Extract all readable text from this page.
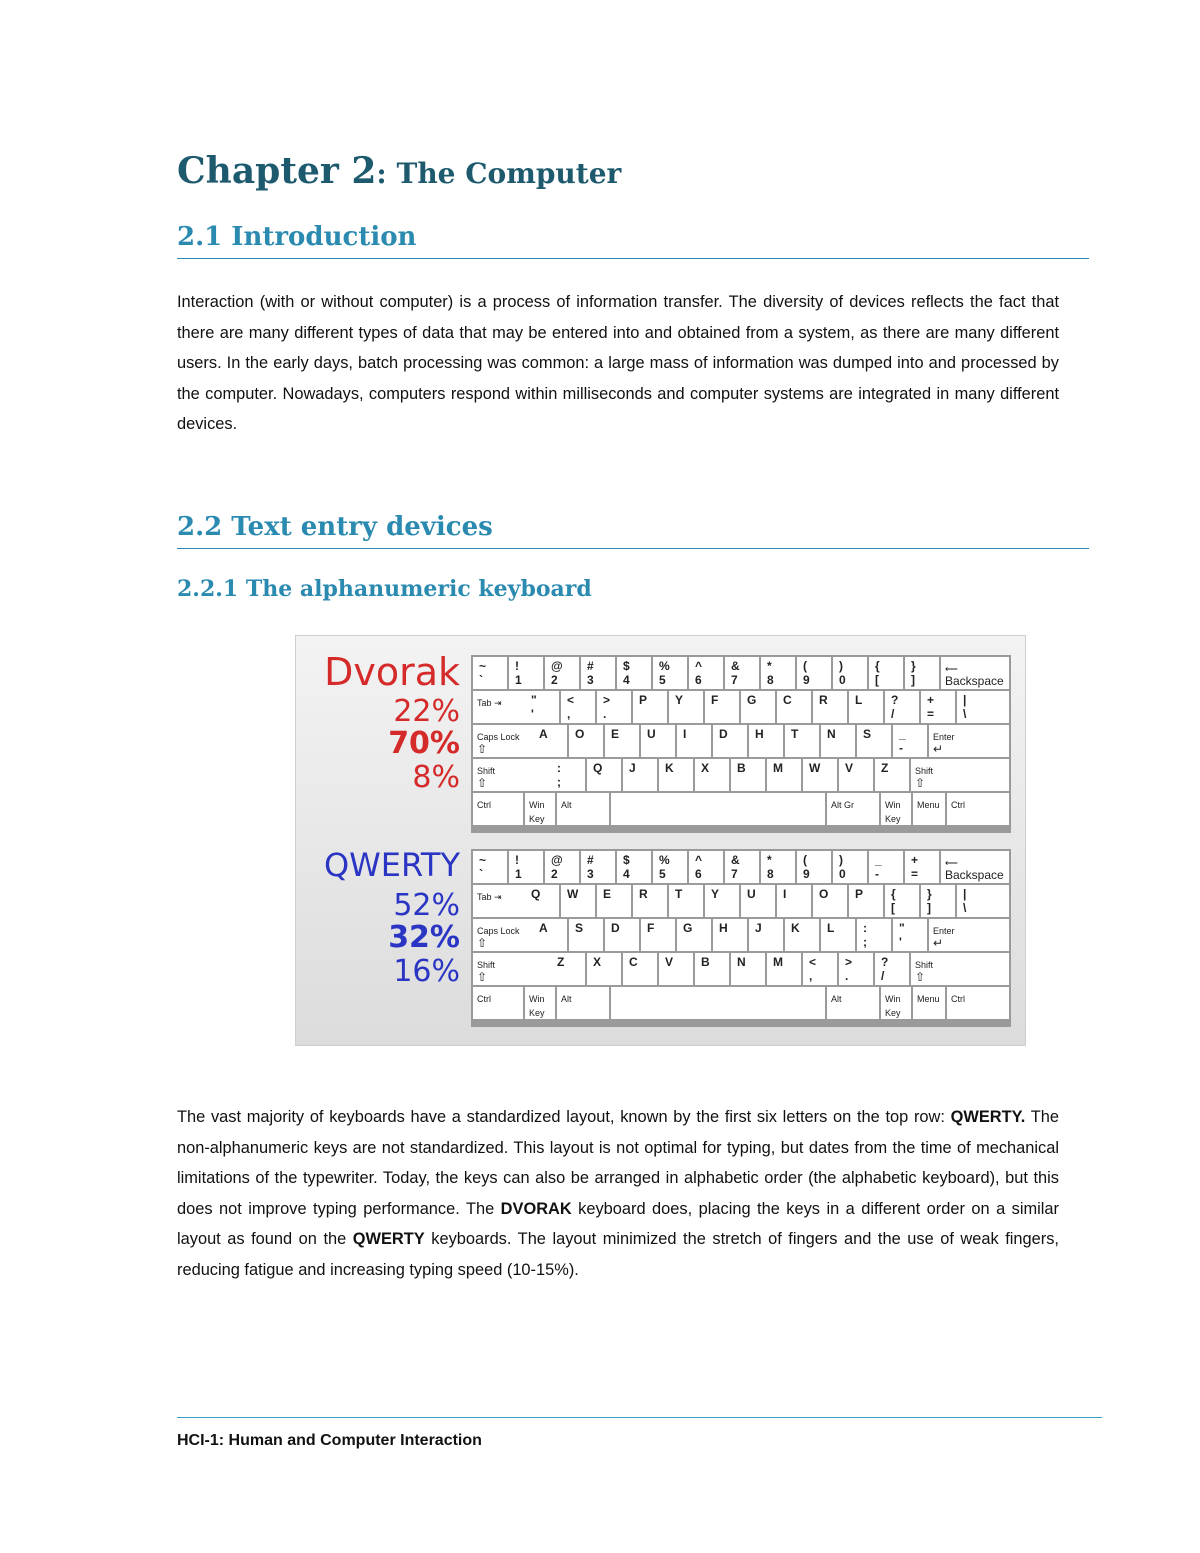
Chapter 2: The Computer
2.1 Introduction

Interaction (with or without computer) is a process of information transfer. The diversity of devices reflects the fact that there are many different types of data that may be entered into and obtained from a system, as there are many different users. In the early days, batch processing was common: a large mass of information was dumped into and processed by the computer. Nowadays, computers respond within milliseconds and computer systems are integrated in many different devices.

2.2 Text entry devices
2.2.1 The alphanumeric keyboard
Dvorak
22%
70%
8%
QWERTY
52%
32%
16%
~
`
!
1
@
2
#
3
$
4
%
5
^
6
&
7
*
8
(
9
)
0
{
[
}
]
⟵
Backspace
Tab ⇥ "
'
<
,
>
.
P Y F G C R L ?
/
+
=
|
\
Caps Lock
⇧
A O E U I	D H T N S _
-
Enter
↵
Shift
⇧
:
;
Q J K X B M W V Z	Shift
⇧
Ctrl	Win Key
Alt	Alt Gr	Win Key
Menu Ctrl
~
`
!
1
@
2
#
3
$
4
%
5
^
6
&
7
*
8
(
9
)
0
_
-
+
=
⟵
Backspace
Tab ⇥ Q W E R T Y U I	O P {
[
}
]
|
\
Caps Lock
⇧
A S D F G H J K L :
;
"
'
Enter
↵
Shift
⇧
Z X C V B N M <
,
>
.
?
/
Shift
⇧
Ctrl	Win Key
Alt	Alt	Win Key
Menu Ctrl

The vast majority of keyboards have a standardized layout, known by the first six letters on the top row: QWERTY. The non-alphanumeric keys are not standardized. This layout is not optimal for typing, but dates from the time of mechanical limitations of the typewriter. Today, the keys can also be arranged in alphabetic order (the alphabetic keyboard), but this does not improve typing performance. The DVORAK keyboard does, placing the keys in a different order on a similar layout as found on the QWERTY keyboards. The layout minimized the stretch of fingers and the use of weak fingers, reducing fatigue and increasing typing speed (10-15%).

HCI-1: Human and Computer Interaction
